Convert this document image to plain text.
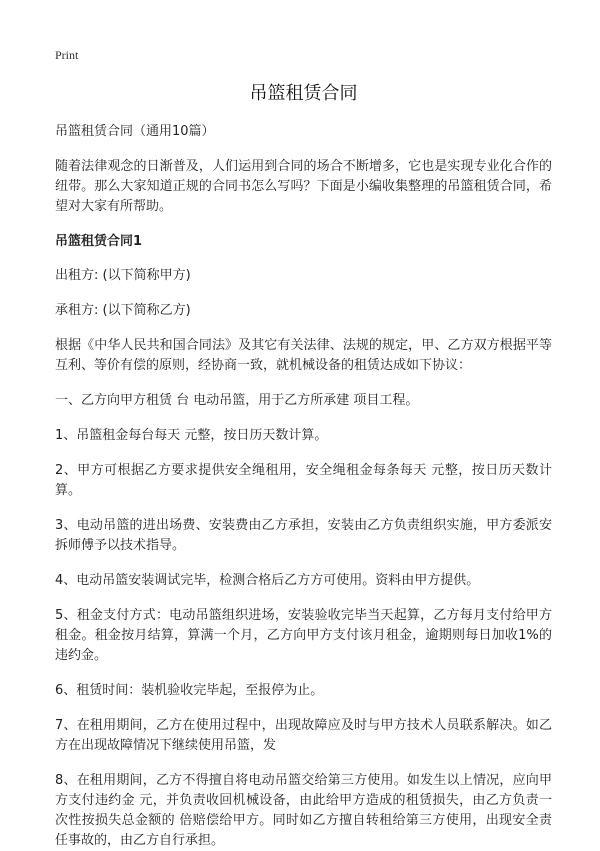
Print
吊篮租赁合同

吊篮租赁合同（通用10篇）

随着法律观念的日渐普及，人们运用到合同的场合不断增多，它也是实现专业化合作的纽带。那么大家知道正规的合同书怎么写吗？下面是小编收集整理的吊篮租赁合同，希望对大家有所帮助。

吊篮租赁合同1

出租方: (以下简称甲方)

承租方: (以下简称乙方)

根据《中华人民共和国合同法》及其它有关法律、法规的规定，甲、乙方双方根据平等互利、等价有偿的原则，经协商一致，就机械设备的租赁达成如下协议：

一、乙方向甲方租赁 台 电动吊篮，用于乙方所承建 项目工程。

1、吊篮租金每台每天 元整，按日历天数计算。

2、甲方可根据乙方要求提供安全绳租用，安全绳租金每条每天 元整，按日历天数计算。

3、电动吊篮的进出场费、安装费由乙方承担，安装由乙方负责组织实施，甲方委派安拆师傅予以技术指导。

4、电动吊篮安装调试完毕，检测合格后乙方方可使用。资料由甲方提供。

5、租金支付方式：电动吊篮组织进场，安装验收完毕当天起算，乙方每月支付给甲方租金。租金按月结算，算满一个月，乙方向甲方支付该月租金，逾期则每日加收1%的违约金。

6、租赁时间：装机验收完毕起，至报停为止。

7、在租用期间，乙方在使用过程中，出现故障应及时与甲方技术人员联系解决。如乙方在出现故障情况下继续使用吊篮，发

8、在租用期间，乙方不得擅自将电动吊篮交给第三方使用。如发生以上情况，应向甲方支付违约金 元，并负责收回机械设备，由此给甲方造成的租赁损失，由乙方负责一次性按损失总金额的 倍赔偿给甲方。同时如乙方擅自转租给第三方使用，出现安全责任事故的，由乙方自行承担。
